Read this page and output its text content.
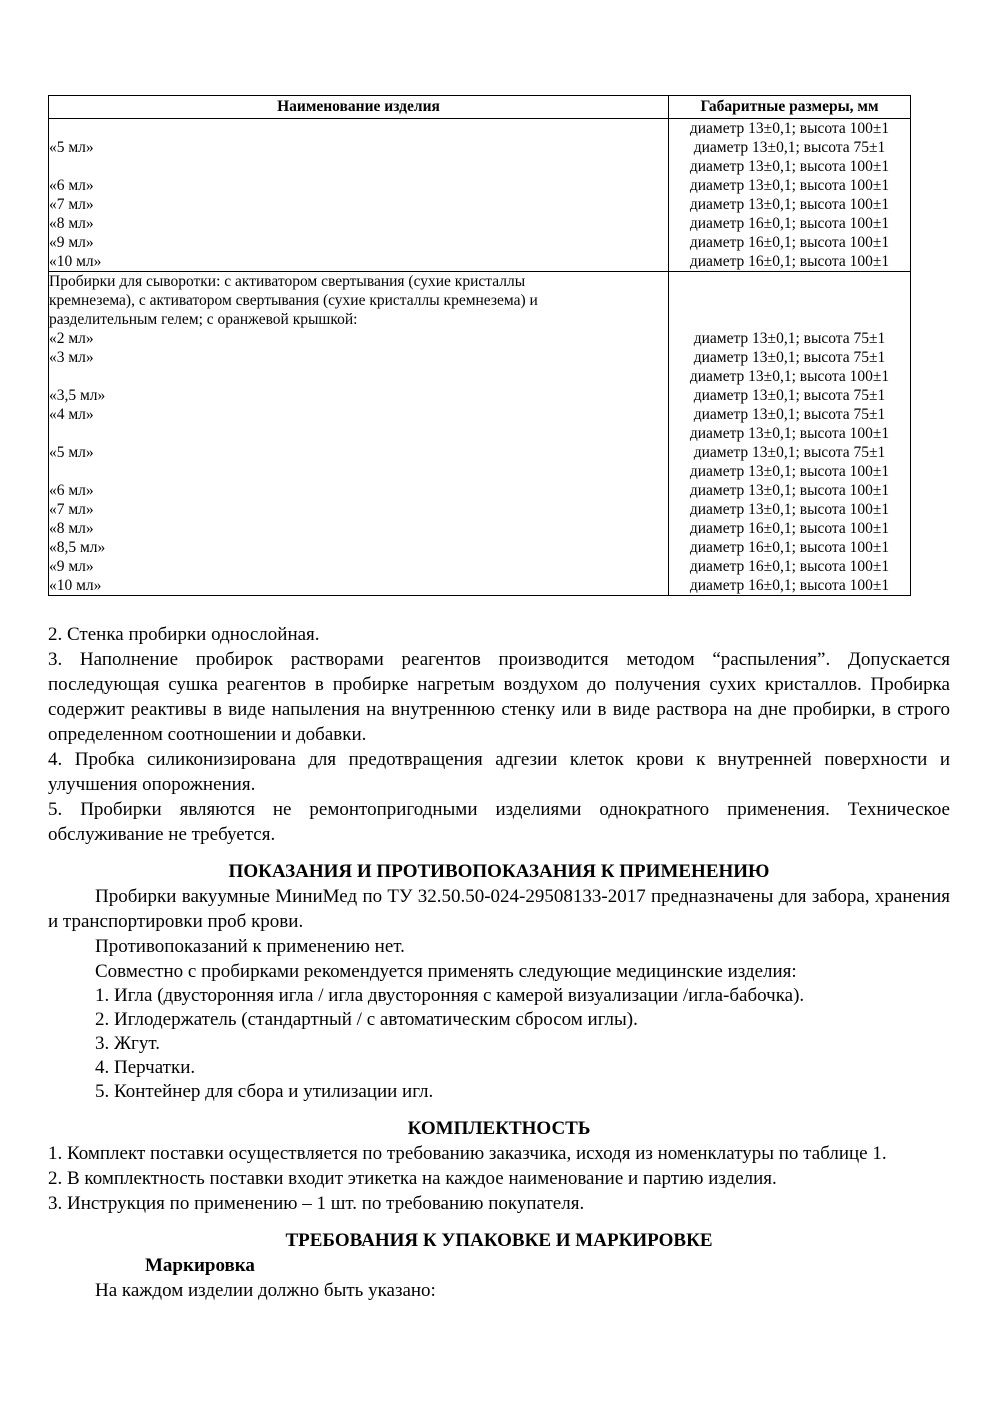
Наименование изделия	Габаритные размеры, мм
	диаметр 13±0,1; высота 100±1
«5 мл»	диаметр 13±0,1; высота 75±1
	диаметр 13±0,1; высота 100±1
«6 мл»	диаметр 13±0,1; высота 100±1
«7 мл»	диаметр 13±0,1; высота 100±1
«8 мл»	диаметр 16±0,1; высота 100±1
«9 мл»	диаметр 16±0,1; высота 100±1
«10 мл»	диаметр 16±0,1; высота 100±1

Пробирки для сыворотки: с активатором свертывания (сухие кристаллы кремнезема), с активатором свертывания (сухие кристаллы кремнезема) и разделительным гелем; с оранжевой крышкой:	

«2 мл»	диаметр 13±0,1; высота 75±1
«3 мл»	диаметр 13±0,1; высота 75±1
	диаметр 13±0,1; высота 100±1
«3,5 мл»	диаметр 13±0,1; высота 75±1
«4 мл»	диаметр 13±0,1; высота 75±1
	диаметр 13±0,1; высота 100±1
«5 мл»	диаметр 13±0,1; высота 75±1
	диаметр 13±0,1; высота 100±1
«6 мл»	диаметр 13±0,1; высота 100±1
«7 мл»	диаметр 13±0,1; высота 100±1
«8 мл»	диаметр 16±0,1; высота 100±1
«8,5 мл»	диаметр 16±0,1; высота 100±1
«9 мл»	диаметр 16±0,1; высота 100±1
«10 мл»	диаметр 16±0,1; высота 100±1
2. Стенка пробирки однослойная.
3. Наполнение пробирок растворами реагентов производится методом “распыления”. Допускается последующая сушка реагентов в пробирке нагретым воздухом до получения сухих кристаллов. Пробирка содержит реактивы в виде напыления на внутреннюю стенку или в виде раствора на дне пробирки, в строго определенном соотношении и добавки.
4. Пробка силиконизирована для предотвращения адгезии клеток крови к внутренней поверхности и улучшения опорожнения.
5. Пробирки являются не ремонтопригодными изделиями однократного применения. Техническое обслуживание не требуется.
ПОКАЗАНИЯ И ПРОТИВОПОКАЗАНИЯ К ПРИМЕНЕНИЮ
Пробирки вакуумные МиниМед по ТУ 32.50.50-024-29508133-2017 предназначены для забора, хранения и транспортировки проб крови.
Противопоказаний к применению нет.
Совместно с пробирками рекомендуется применять следующие медицинские изделия:
1. Игла (двусторонняя игла / игла двусторонняя с камерой визуализации /игла-бабочка).
2. Иглодержатель (стандартный / с автоматическим сбросом иглы).
3. Жгут.
4. Перчатки.
5. Контейнер для сбора и утилизации игл.
КОМПЛЕКТНОСТЬ
1. Комплект поставки осуществляется по требованию заказчика, исходя из номенклатуры по таблице 1.
2. В комплектность поставки входит этикетка на каждое наименование и партию изделия.
3. Инструкция по применению – 1 шт. по требованию покупателя.
ТРЕБОВАНИЯ К УПАКОВКЕ И МАРКИРОВКЕ
Маркировка
На каждом изделии должно быть указано:
